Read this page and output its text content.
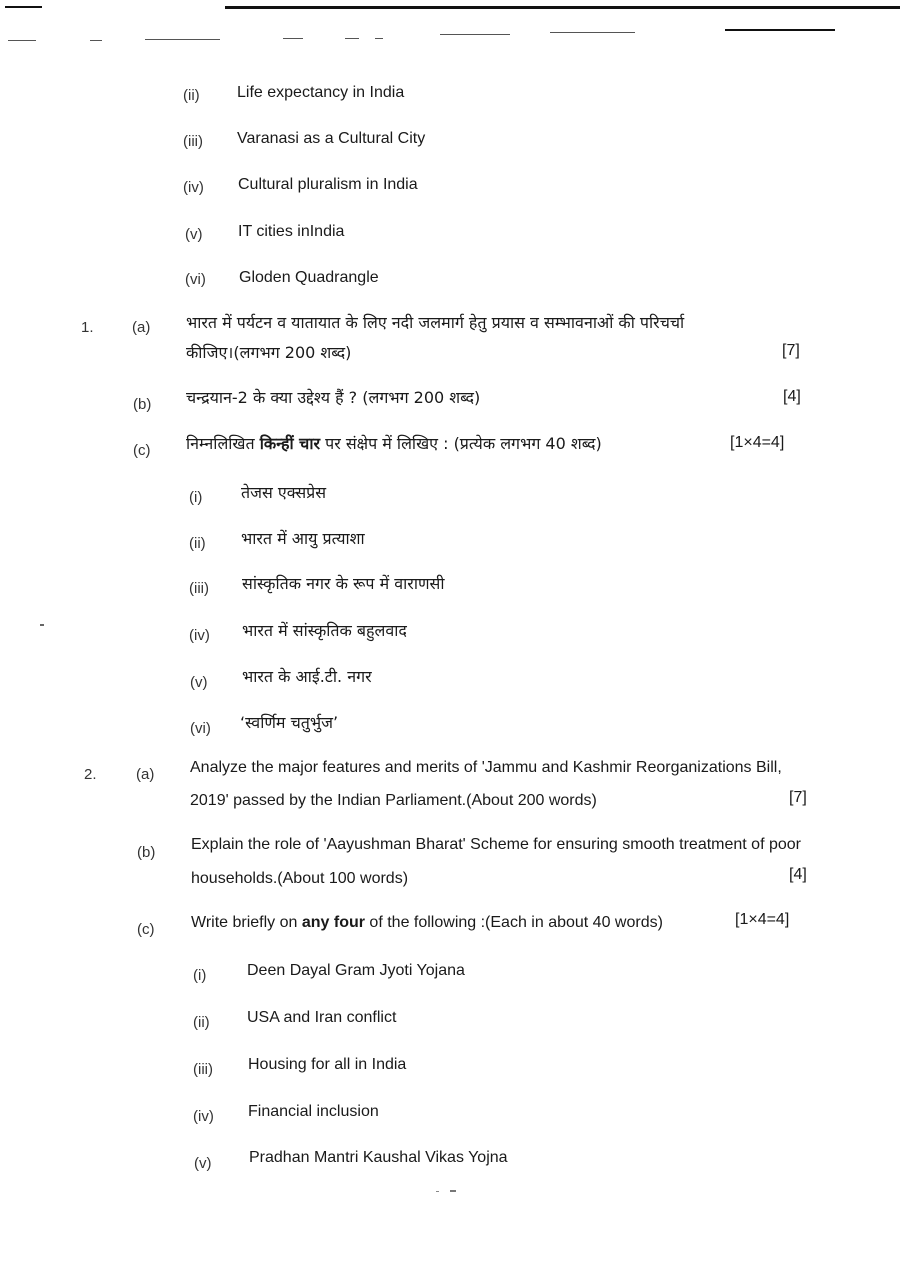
(ii) Life expectancy in India
(iii) Varanasi as a Cultural City
(iv) Cultural pluralism in India
(v) IT cities inIndia
(vi) Gloden Quadrangle
1.	(a) भारत में पर्यटन व यातायात के लिए नदी जलमार्ग हेतु प्रयास व सम्भावनाओं की परिचर्चा
कीजिए।(लगभग 200 शब्द)	[7]
(b) चन्द्रयान-2 के क्या उद्देश्य हैं ? (लगभग 200 शब्द)	[4]
(c) निम्नलिखित किन्हीं चार पर संक्षेप में लिखिए : (प्रत्येक लगभग 40 शब्द)	[1×4=4]
(i) तेजस एक्सप्रेस
(ii) भारत में आयु प्रत्याशा
(iii) सांस्कृतिक नगर के रूप में वाराणसी
(iv) भारत में सांस्कृतिक बहुलवाद
(v) भारत के आई.टी. नगर
(vi) ‘स्वर्णिम चतुर्भुज’
2.	(a) Analyze the major features and merits of 'Jammu and Kashmir Reorganizations Bill,
2019' passed by the Indian Parliament.(About 200 words)	[7]
(b) Explain the role of 'Aayushman Bharat' Scheme for ensuring smooth treatment of poor
households.(About 100 words)	[4]
(c) Write briefly on any four of the following :(Each in about 40 words)	[1×4=4]
(i)	Deen Dayal Gram Jyoti Yojana
(ii) USA and Iran conflict
(iii) Housing for all in India
(iv) Financial inclusion
(v) Pradhan Mantri Kaushal Vikas Yojna
